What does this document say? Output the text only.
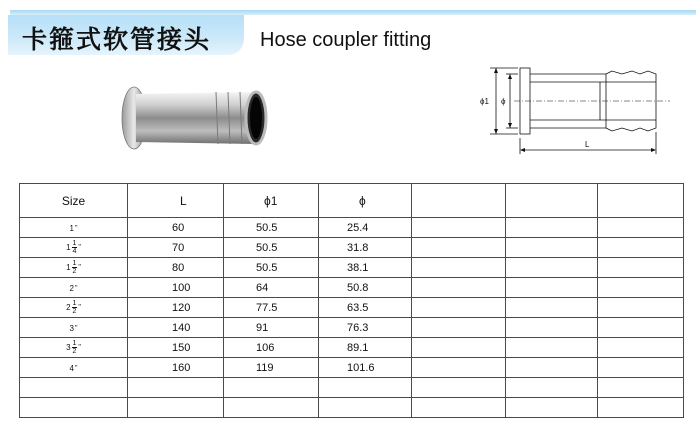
卡箍式软管接头 Hose coupler fitting
ϕ1 ϕ
L
Size	L	ϕ1	ϕ			

1 "	60	50.5	25.4			

$1 \frac{1}{4}$ "	70	50.5	31.8			

$1 \frac{1}{2}$ "	80	50.5	38.1			

2 "	100	64	50.8			

$2 \frac{1}{2}$ "	120	77.5	63.5			

3 "	140	91	76.3			

$3 \frac{1}{2}$ "	150	106	89.1			

4 "	160	119	101.6			
